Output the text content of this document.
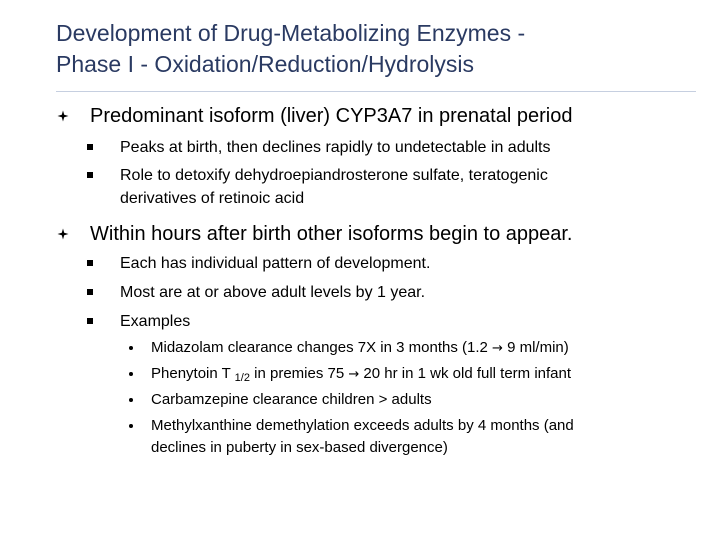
Development of Drug-Metabolizing Enzymes -
Phase I - Oxidation/Reduction/Hydrolysis
Predominant isoform (liver) CYP3A7 in prenatal period
Peaks at birth, then declines rapidly to undetectable in adults
Role to detoxify dehydroepiandrosterone sulfate, teratogenic
derivatives of retinoic acid
Within hours after birth other isoforms begin to appear.
Each has individual pattern of development.
Most are at or above adult levels by 1 year.
Examples
Midazolam clearance changes 7X in 3 months (1.2 → 9 ml/min)
Phenytoin T $_{1/2}$ in premies 75 → 20 hr in 1 wk old full term infant
Carbamzepine clearance children > adults
Methylxanthine demethylation exceeds adults by 4 months (and
declines in puberty in sex-based divergence)
